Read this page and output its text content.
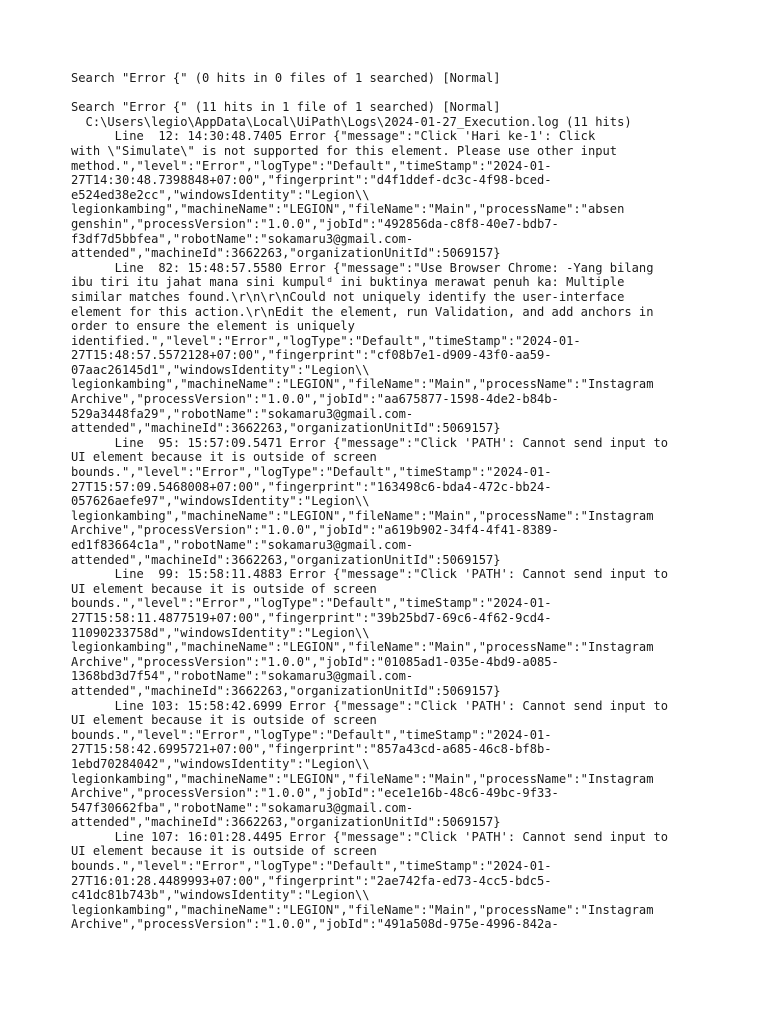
Search "Error {" (0 hits in 0 files of 1 searched) [Normal]
Search "Error {" (11 hits in 1 file of 1 searched) [Normal]
C:\Users\legio\AppData\Local\UiPath\Logs\2024-01-27_Execution.log (11 hits)
Line  12: 14:30:48.7405 Error {"message":"Click 'Hari ke-1': Click
with \"Simulate\" is not supported for this element. Please use other input
method.","level":"Error","logType":"Default","timeStamp":"2024-01-
27T14:30:48.7398848+07:00","fingerprint":"d4f1ddef-dc3c-4f98-bced-
e524ed38e2cc","windowsIdentity":"Legion\\
legionkambing","machineName":"LEGION","fileName":"Main","processName":"absen
genshin","processVersion":"1.0.0","jobId":"492856da-c8f8-40e7-bdb7-
f3df7d5bbfea","robotName":"sokamaru3@gmail.com-
attended","machineId":3662263,"organizationUnitId":5069157}
Line  82: 15:48:57.5580 Error {"message":"Use Browser Chrome: -Yang bilang
ibu tiri itu jahat mana sini kumpulᵈ ini buktinya merawat penuh ka: Multiple
similar matches found.\r\n\r\nCould not uniquely identify the user-interface
element for this action.\r\nEdit the element, run Validation, and add anchors in
order to ensure the element is uniquely
identified.","level":"Error","logType":"Default","timeStamp":"2024-01-
27T15:48:57.5572128+07:00","fingerprint":"cf08b7e1-d909-43f0-aa59-
07aac26145d1","windowsIdentity":"Legion\\
legionkambing","machineName":"LEGION","fileName":"Main","processName":"Instagram
Archive","processVersion":"1.0.0","jobId":"aa675877-1598-4de2-b84b-
529a3448fa29","robotName":"sokamaru3@gmail.com-
attended","machineId":3662263,"organizationUnitId":5069157}
Line  95: 15:57:09.5471 Error {"message":"Click 'PATH': Cannot send input to
UI element because it is outside of screen
bounds.","level":"Error","logType":"Default","timeStamp":"2024-01-
27T15:57:09.5468008+07:00","fingerprint":"163498c6-bda4-472c-bb24-
057626aefe97","windowsIdentity":"Legion\\
legionkambing","machineName":"LEGION","fileName":"Main","processName":"Instagram
Archive","processVersion":"1.0.0","jobId":"a619b902-34f4-4f41-8389-
ed1f83664c1a","robotName":"sokamaru3@gmail.com-
attended","machineId":3662263,"organizationUnitId":5069157}
Line  99: 15:58:11.4883 Error {"message":"Click 'PATH': Cannot send input to
UI element because it is outside of screen
bounds.","level":"Error","logType":"Default","timeStamp":"2024-01-
27T15:58:11.4877519+07:00","fingerprint":"39b25bd7-69c6-4f62-9cd4-
11090233758d","windowsIdentity":"Legion\\
legionkambing","machineName":"LEGION","fileName":"Main","processName":"Instagram
Archive","processVersion":"1.0.0","jobId":"01085ad1-035e-4bd9-a085-
1368bd3d7f54","robotName":"sokamaru3@gmail.com-
attended","machineId":3662263,"organizationUnitId":5069157}
Line 103: 15:58:42.6999 Error {"message":"Click 'PATH': Cannot send input to
UI element because it is outside of screen
bounds.","level":"Error","logType":"Default","timeStamp":"2024-01-
27T15:58:42.6995721+07:00","fingerprint":"857a43cd-a685-46c8-bf8b-
1ebd70284042","windowsIdentity":"Legion\\
legionkambing","machineName":"LEGION","fileName":"Main","processName":"Instagram
Archive","processVersion":"1.0.0","jobId":"ece1e16b-48c6-49bc-9f33-
547f30662fba","robotName":"sokamaru3@gmail.com-
attended","machineId":3662263,"organizationUnitId":5069157}
Line 107: 16:01:28.4495 Error {"message":"Click 'PATH': Cannot send input to
UI element because it is outside of screen
bounds.","level":"Error","logType":"Default","timeStamp":"2024-01-
27T16:01:28.4489993+07:00","fingerprint":"2ae742fa-ed73-4cc5-bdc5-
c41dc81b743b","windowsIdentity":"Legion\\
legionkambing","machineName":"LEGION","fileName":"Main","processName":"Instagram
Archive","processVersion":"1.0.0","jobId":"491a508d-975e-4996-842a-
